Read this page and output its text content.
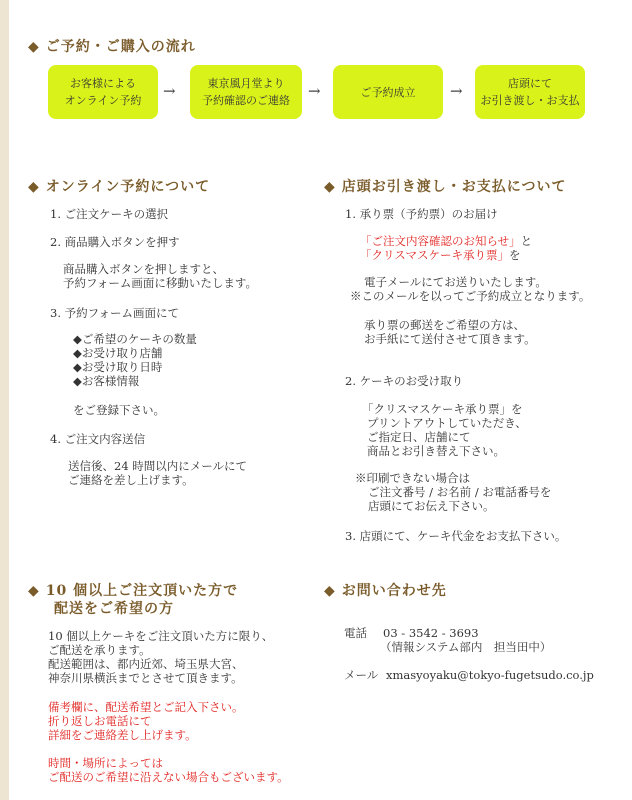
◆ ご予約・ご購入の流れ
お客様による
オンライン予約
→	東京風月堂より
予約確認のご連絡
→	ご予約成立 →	店頭にて
お引き渡し・お支払
◆ オンライン予約について
1. ご注文ケーキの選択
2. 商品購入ボタンを押す
商品購入ボタンを押しますと、
予約フォーム画面に移動いたします。
3. 予約フォーム画面にて
◆ご希望のケーキの数量
◆お受け取り店舗
◆お受け取り日時
◆お客様情報
をご登録下さい。
4. ご注文内容送信
送信後、24 時間以内にメールにて
ご連絡を差し上げます。
◆ 店頭お引き渡し・お支払について
1. 承り票（予約票）のお届け
「ご注文内容確認のお知らせ」と
「クリスマスケーキ承り票」を
電子メールにてお送りいたします。
※このメールを以ってご予約成立となります。
承り票の郵送をご希望の方は、
お手紙にて送付させて頂きます。
2. ケーキのお受け取り
「クリスマスケーキ承り票」を
プリントアウトしていただき、
ご指定日、店舗にて
商品とお引き替え下さい。
※印刷できない場合は
ご注文番号 / お名前 / お電話番号を
店頭にてお伝え下さい。
3. 店頭にて、ケーキ代金をお支払下さい。
◆ 10 個以上ご注文頂いた方で
配送をご希望の方
10 個以上ケーキをご注文頂いた方に限り、
ご配送を承ります。
配送範囲は、都内近郊、埼玉県大宮、
神奈川県横浜までとさせて頂きます。
備考欄に、配送希望とご記入下さい。
折り返しお電話にて
詳細をご連絡差し上げます。
時間・場所によっては
ご配送のご希望に沿えない場合もございます。
◆ お問い合わせ先
電話 03 - 3542 - 3693
（情報システム部内　担当田中）
メール xmasyoyaku@tokyo-fugetsudo.co.jp
